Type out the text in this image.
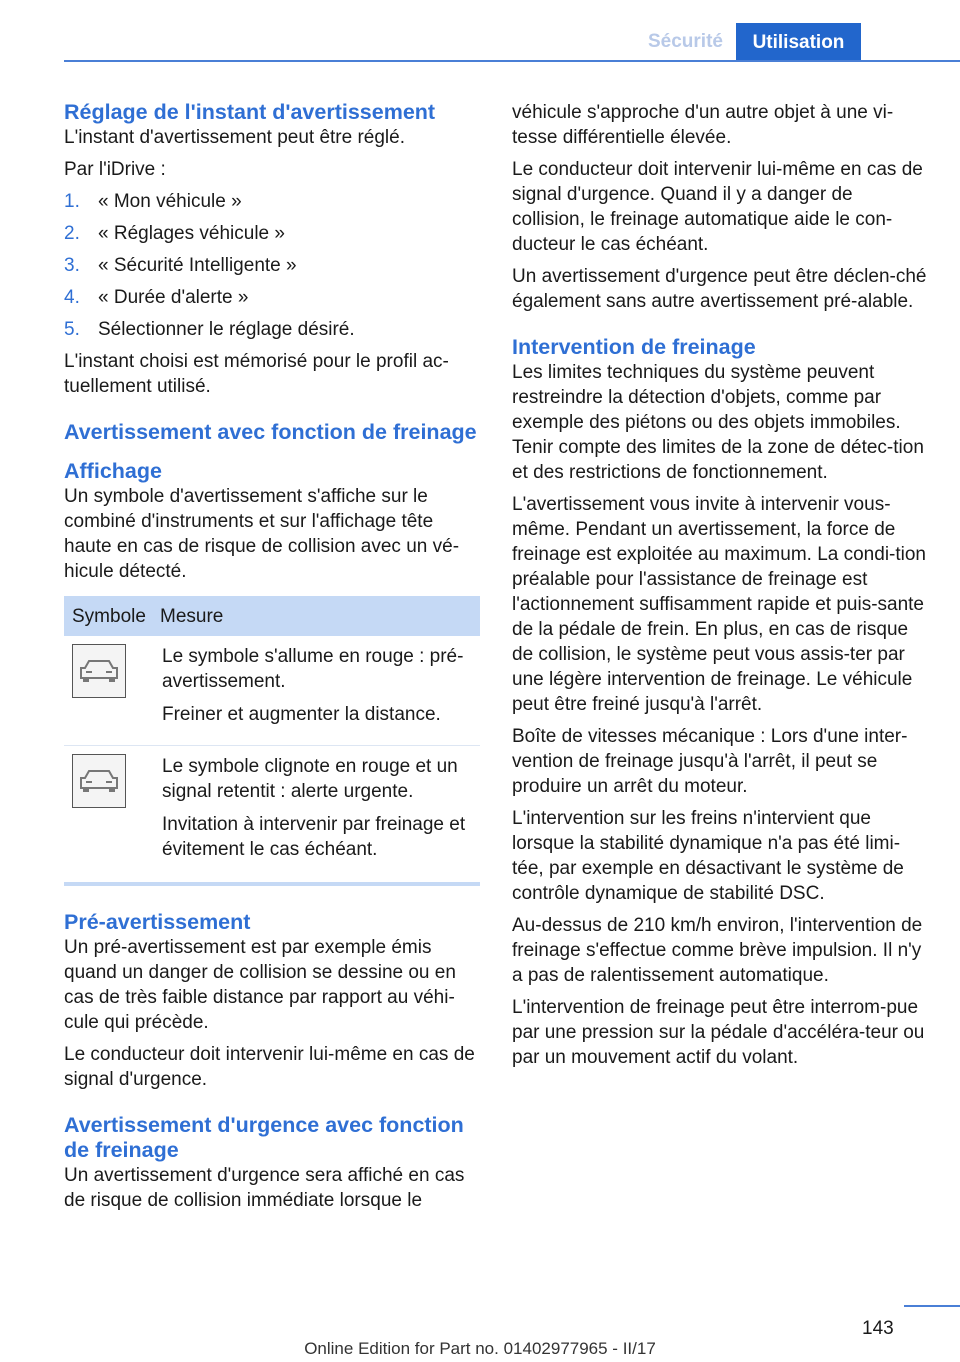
Sécurité	Utilisation
Réglage de l'instant d'avertissement

L'instant d'avertissement peut être réglé.

Par l'iDrive :

1. « Mon véhicule »
2. « Réglages véhicule »
3. « Sécurité Intelligente »
4. « Durée d'alerte »
5. Sélectionner le réglage désiré.

L'instant choisi est mémorisé pour le profil ac‐tuellement utilisé.

Avertissement avec fonction de freinage
Affichage

Un symbole d'avertissement s'affiche sur le combiné d'instruments et sur l'affichage tête haute en cas de risque de collision avec un vé‐hicule détecté.

Symbole Mesure

Le symbole s'allume en rouge : pré-avertissement.

Freiner et augmenter la distance.

Le symbole clignote en rouge et un signal retentit : alerte urgente.

Invitation à intervenir par freinage et évitement le cas échéant.

Pré-avertissement

Un pré-avertissement est par exemple émis quand un danger de collision se dessine ou en cas de très faible distance par rapport au véhi‐cule qui précède.

Le conducteur doit intervenir lui-même en cas de signal d'urgence.

Avertissement d'urgence avec fonction de freinage

Un avertissement d'urgence sera affiché en cas de risque de collision immédiate lorsque le

véhicule s'approche d'un autre objet à une vi‐tesse différentielle élevée.

Le conducteur doit intervenir lui-même en cas de signal d'urgence. Quand il y a danger de collision, le freinage automatique aide le con‐ducteur le cas échéant.

Un avertissement d'urgence peut être déclen‐ché également sans autre avertissement pré‐alable.

Intervention de freinage

Les limites techniques du système peuvent restreindre la détection d'objets, comme par exemple des piétons ou des objets immobiles. Tenir compte des limites de la zone de détec‐tion et des restrictions de fonctionnement.

L'avertissement vous invite à intervenir vous-même. Pendant un avertissement, la force de freinage est exploitée au maximum. La condi‐tion préalable pour l'assistance de freinage est l'actionnement suffisamment rapide et puis‐sante de la pédale de frein. En plus, en cas de risque de collision, le système peut vous assis‐ter par une légère intervention de freinage. Le véhicule peut être freiné jusqu'à l'arrêt.

Boîte de vitesses mécanique : Lors d'une inter‐vention de freinage jusqu'à l'arrêt, il peut se produire un arrêt du moteur.

L'intervention sur les freins n'intervient que lorsque la stabilité dynamique n'a pas été limi‐tée, par exemple en désactivant le système de contrôle dynamique de stabilité DSC.

Au-dessus de 210 km/h environ, l'intervention de freinage s'effectue comme brève impulsion. Il n'y a pas de ralentissement automatique.

L'intervention de freinage peut être interrom‐pue par une pression sur la pédale d'accéléra‐teur ou par un mouvement actif du volant.

143
Online Edition for Part no. 01402977965 - II/17
